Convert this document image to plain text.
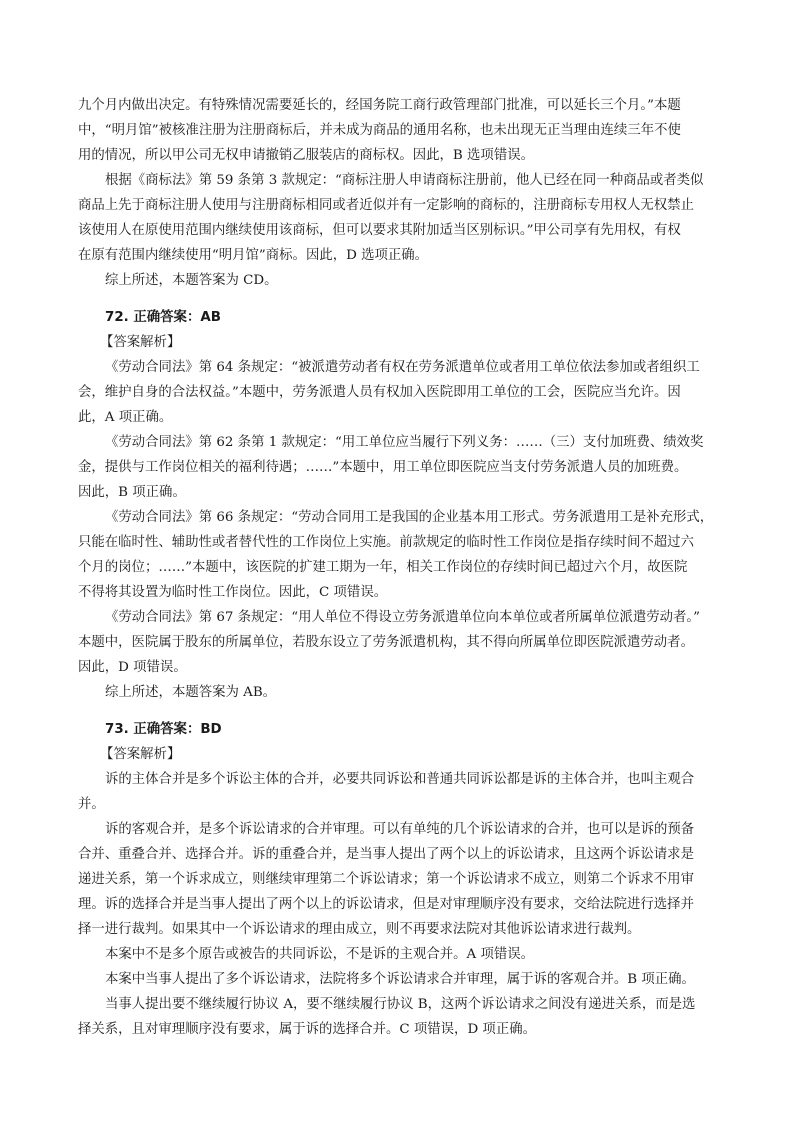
九个月内做出决定。有特殊情况需要延长的，经国务院工商行政管理部门批准，可以延长三个月。”本题
中，“明月馆”被核准注册为注册商标后，并未成为商品的通用名称，也未出现无正当理由连续三年不使
用的情况，所以甲公司无权申请撤销乙服装店的商标权。因此，B 选项错误。
根据《商标法》第 59 条第 3 款规定：“商标注册人申请商标注册前，他人已经在同一种商品或者类似
商品上先于商标注册人使用与注册商标相同或者近似并有一定影响的商标的，注册商标专用权人无权禁止
该使用人在原使用范围内继续使用该商标，但可以要求其附加适当区别标识。”甲公司享有先用权，有权
在原有范围内继续使用“明月馆”商标。因此，D 选项正确。
综上所述，本题答案为 CD。
72. 正确答案：AB
【答案解析】
《劳动合同法》第 64 条规定：“被派遣劳动者有权在劳务派遣单位或者用工单位依法参加或者组织工
会，维护自身的合法权益。”本题中，劳务派遣人员有权加入医院即用工单位的工会，医院应当允许。因
此，A 项正确。
《劳动合同法》第 62 条第 1 款规定：“用工单位应当履行下列义务：……（三）支付加班费、绩效奖
金，提供与工作岗位相关的福利待遇；……”本题中，用工单位即医院应当支付劳务派遣人员的加班费。
因此，B 项正确。
《劳动合同法》第 66 条规定：“劳动合同用工是我国的企业基本用工形式。劳务派遣用工是补充形式，
只能在临时性、辅助性或者替代性的工作岗位上实施。前款规定的临时性工作岗位是指存续时间不超过六
个月的岗位；……”本题中，该医院的扩建工期为一年，相关工作岗位的存续时间已超过六个月，故医院
不得将其设置为临时性工作岗位。因此，C 项错误。
《劳动合同法》第 67 条规定：“用人单位不得设立劳务派遣单位向本单位或者所属单位派遣劳动者。”
本题中，医院属于股东的所属单位，若股东设立了劳务派遣机构，其不得向所属单位即医院派遣劳动者。
因此，D 项错误。
综上所述，本题答案为 AB。
73. 正确答案：BD
【答案解析】
诉的主体合并是多个诉讼主体的合并，必要共同诉讼和普通共同诉讼都是诉的主体合并，也叫主观合
并。
诉的客观合并，是多个诉讼请求的合并审理。可以有单纯的几个诉讼请求的合并，也可以是诉的预备
合并、重叠合并、选择合并。诉的重叠合并，是当事人提出了两个以上的诉讼请求，且这两个诉讼请求是
递进关系，第一个诉求成立，则继续审理第二个诉讼请求；第一个诉讼请求不成立，则第二个诉求不用审
理。诉的选择合并是当事人提出了两个以上的诉讼请求，但是对审理顺序没有要求，交给法院进行选择并
择一进行裁判。如果其中一个诉讼请求的理由成立，则不再要求法院对其他诉讼请求进行裁判。
本案中不是多个原告或被告的共同诉讼，不是诉的主观合并。A 项错误。
本案中当事人提出了多个诉讼请求，法院将多个诉讼请求合并审理，属于诉的客观合并。B 项正确。
当事人提出要不继续履行协议 A，要不继续履行协议 B，这两个诉讼请求之间没有递进关系，而是选
择关系，且对审理顺序没有要求，属于诉的选择合并。C 项错误，D 项正确。
